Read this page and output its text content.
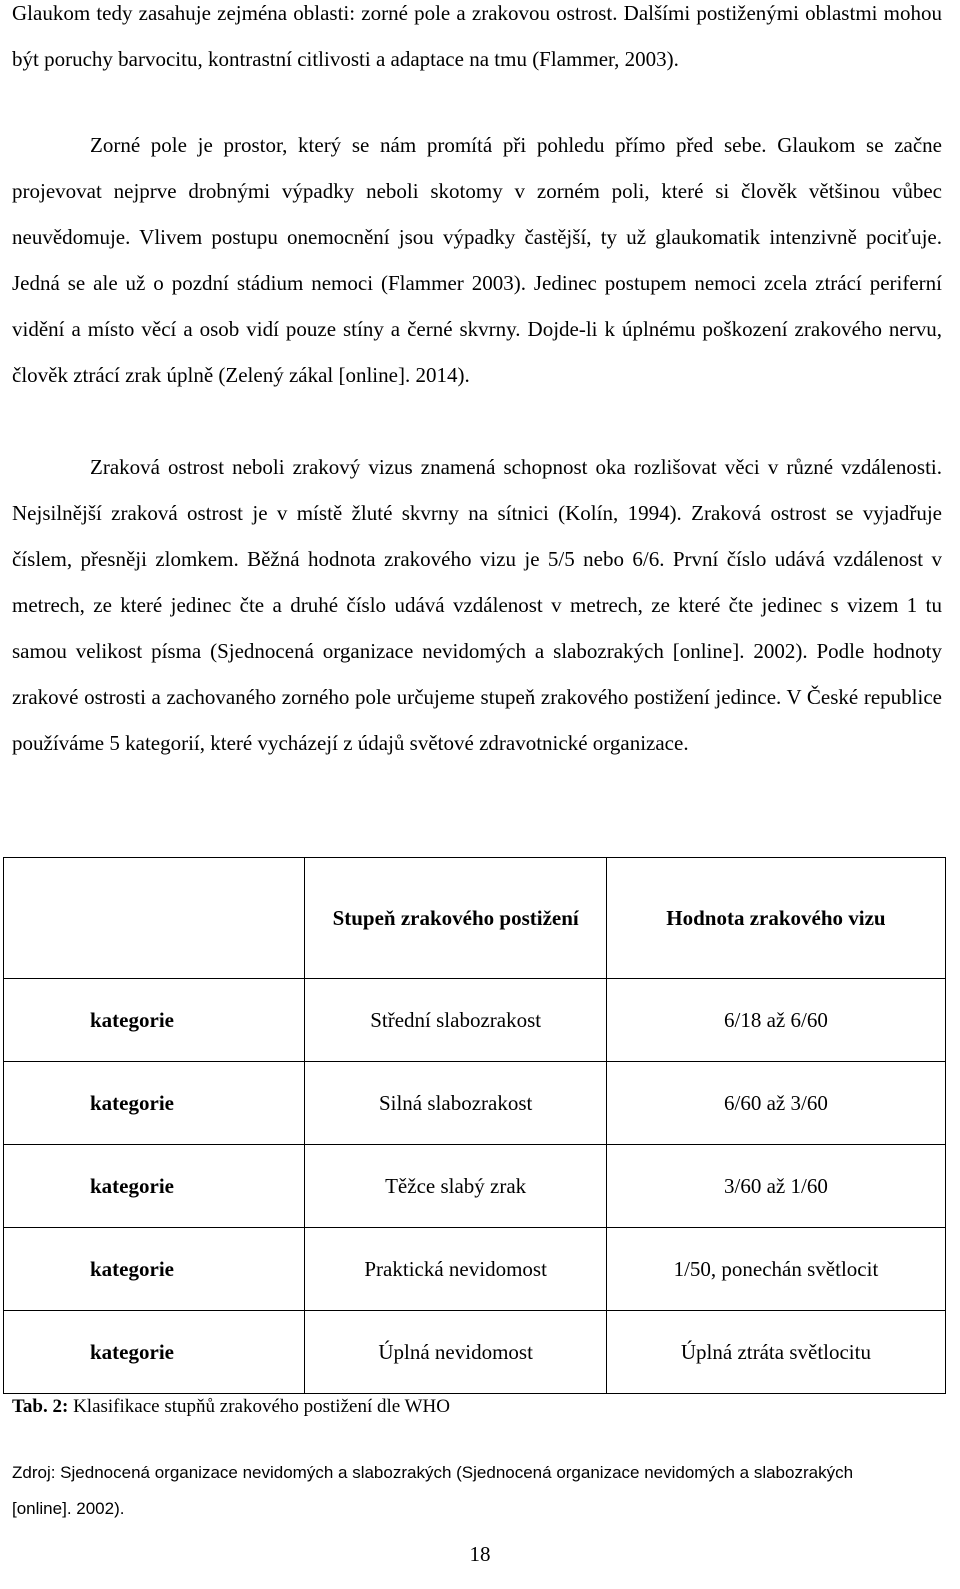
Glaukom tedy zasahuje zejména oblasti: zorné pole a zrakovou ostrost. Dalšími postiženými oblastmi mohou být poruchy barvocitu, kontrastní citlivosti a adaptace na tmu (Flammer, 2003).

Zorné pole je prostor, který se nám promítá při pohledu přímo před sebe. Glaukom se začne projevovat nejprve drobnými výpadky neboli skotomy v zorném poli, které si člověk většinou vůbec neuvědomuje. Vlivem postupu onemocnění jsou výpadky častější, ty už glaukomatik intenzivně pociťuje. Jedná se ale už o pozdní stádium nemoci (Flammer 2003). Jedinec postupem nemoci zcela ztrácí periferní vidění a místo věcí a osob vidí pouze stíny a černé skvrny. Dojde-li k úplnému poškození zrakového nervu, člověk ztrácí zrak úplně (Zelený zákal [online]. 2014).

Zraková ostrost neboli zrakový vizus znamená schopnost oka rozlišovat věci v různé vzdálenosti. Nejsilnější zraková ostrost je v místě žluté skvrny na sítnici (Kolín, 1994). Zraková ostrost se vyjadřuje číslem, přesněji zlomkem. Běžná hodnota zrakového vizu je 5/5 nebo 6/6. První číslo udává vzdálenost v metrech, ze které jedinec čte a druhé číslo udává vzdálenost v metrech, ze které čte jedinec s vizem 1 tu samou velikost písma (Sjednocená organizace nevidomých a slabozrakých [online]. 2002). Podle hodnoty zrakové ostrosti a zachovaného zorného pole určujeme stupeň zrakového postižení jedince. V České republice používáme 5 kategorií, které vycházejí z údajů světové zdravotnické organizace.

	Stupeň zrakového postižení	Hodnota zrakového vizu
kategorie	Střední slabozrakost	6/18 až 6/60
kategorie	Silná slabozrakost	6/60 až 3/60
kategorie	Těžce slabý zrak	3/60 až 1/60
kategorie	Praktická nevidomost	1/50, ponechán světlocit
kategorie	Úplná nevidomost	Úplná ztráta světlocitu
Tab. 2: Klasifikace stupňů zrakového postižení dle WHO
Zdroj: Sjednocená organizace nevidomých a slabozrakých (Sjednocená organizace nevidomých a slabozrakých [online]. 2002).
18
